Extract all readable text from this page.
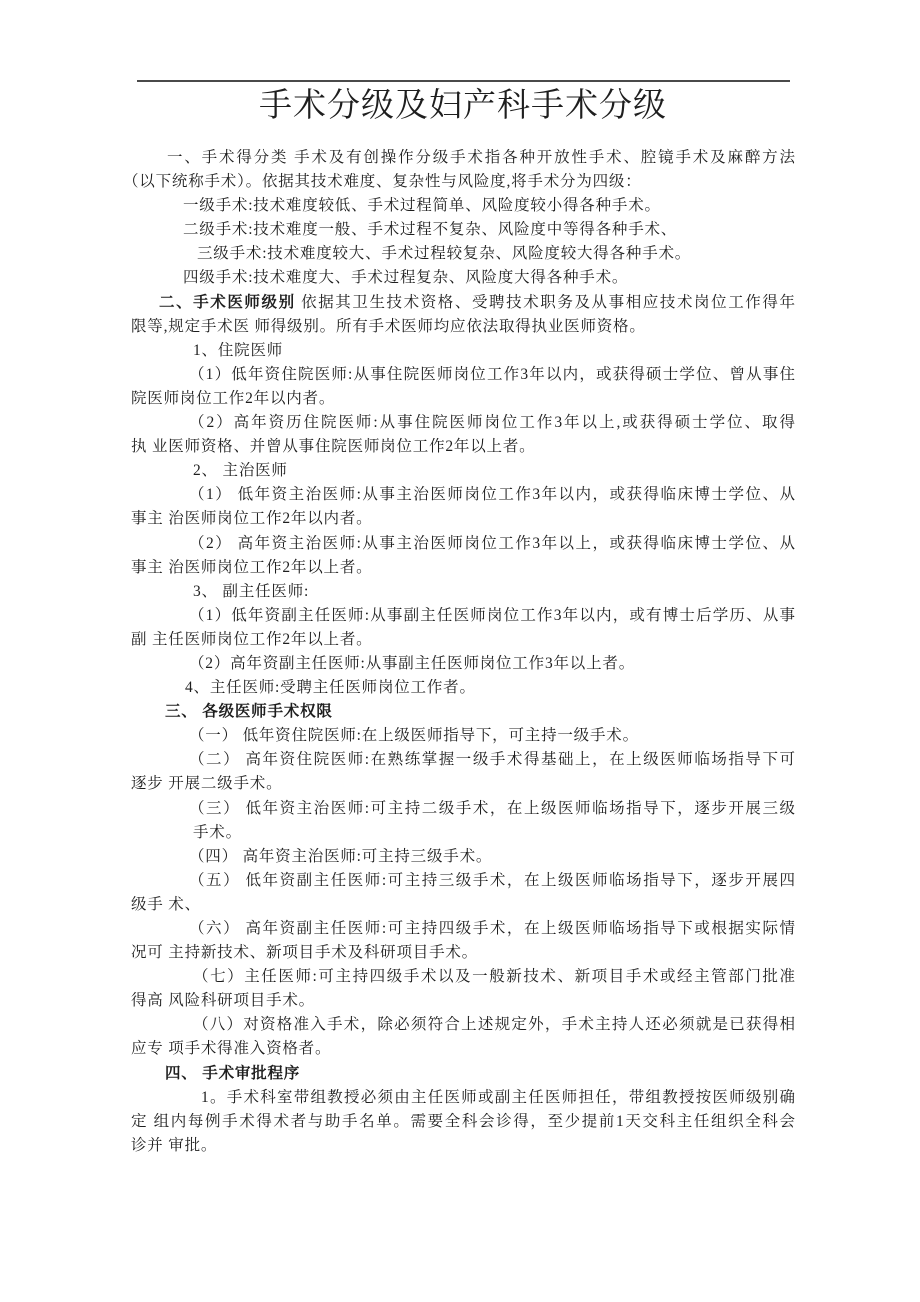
手术分级及妇产科手术分级
一、手术得分类 手术及有创操作分级手术指各种开放性手术、腔镜手术及麻醉方法
（以下统称手术）。依据其技术难度、复杂性与风险度,将手术分为四级：
一级手术:技术难度较低、手术过程简单、风险度较小得各种手术。
二级手术:技术难度一般、手术过程不复杂、风险度中等得各种手术、
三级手术:技术难度较大、手术过程较复杂、风险度较大得各种手术。
四级手术:技术难度大、手术过程复杂、风险度大得各种手术。
二、手术医师级别 依据其卫生技术资格、受聘技术职务及从事相应技术岗位工作得年
限等,规定手术医 师得级别。所有手术医师均应依法取得执业医师资格。
1、住院医师
（1）低年资住院医师:从事住院医师岗位工作3年以内，或获得硕士学位、曾从事住
院医师岗位工作2年以内者。
（2）高年资历住院医师:从事住院医师岗位工作3年以上,或获得硕士学位、取得
执 业医师资格、并曾从事住院医师岗位工作2年以上者。
2、 主治医师
（1） 低年资主治医师:从事主治医师岗位工作3年以内，或获得临床博士学位、从
事主 治医师岗位工作2年以内者。
（2） 高年资主治医师:从事主治医师岗位工作3年以上，或获得临床博士学位、从
事主 治医师岗位工作2年以上者。
3、 副主任医师:
（1）低年资副主任医师:从事副主任医师岗位工作3年以内，或有博士后学历、从事
副 主任医师岗位工作2年以上者。
（2）高年资副主任医师:从事副主任医师岗位工作3年以上者。
4、主任医师:受聘主任医师岗位工作者。
三、 各级医师手术权限
（一） 低年资住院医师:在上级医师指导下，可主持一级手术。
（二） 高年资住院医师:在熟练掌握一级手术得基础上，在上级医师临场指导下可
逐步 开展二级手术。
（三） 低年资主治医师:可主持二级手术，在上级医师临场指导下，逐步开展三级
手术。
（四） 高年资主治医师:可主持三级手术。
（五） 低年资副主任医师:可主持三级手术，在上级医师临场指导下，逐步开展四
级手 术、
（六） 高年资副主任医师:可主持四级手术，在上级医师临场指导下或根据实际情
况可 主持新技术、新项目手术及科研项目手术。
（七）主任医师:可主持四级手术以及一般新技术、新项目手术或经主管部门批准
得高 风险科研项目手术。
（八）对资格准入手术，除必须符合上述规定外，手术主持人还必须就是已获得相
应专 项手术得准入资格者。
四、 手术审批程序
1。手术科室带组教授必须由主任医师或副主任医师担任，带组教授按医师级别确
定 组内每例手术得术者与助手名单。需要全科会诊得，至少提前1天交科主任组织全科会
诊并 审批。
